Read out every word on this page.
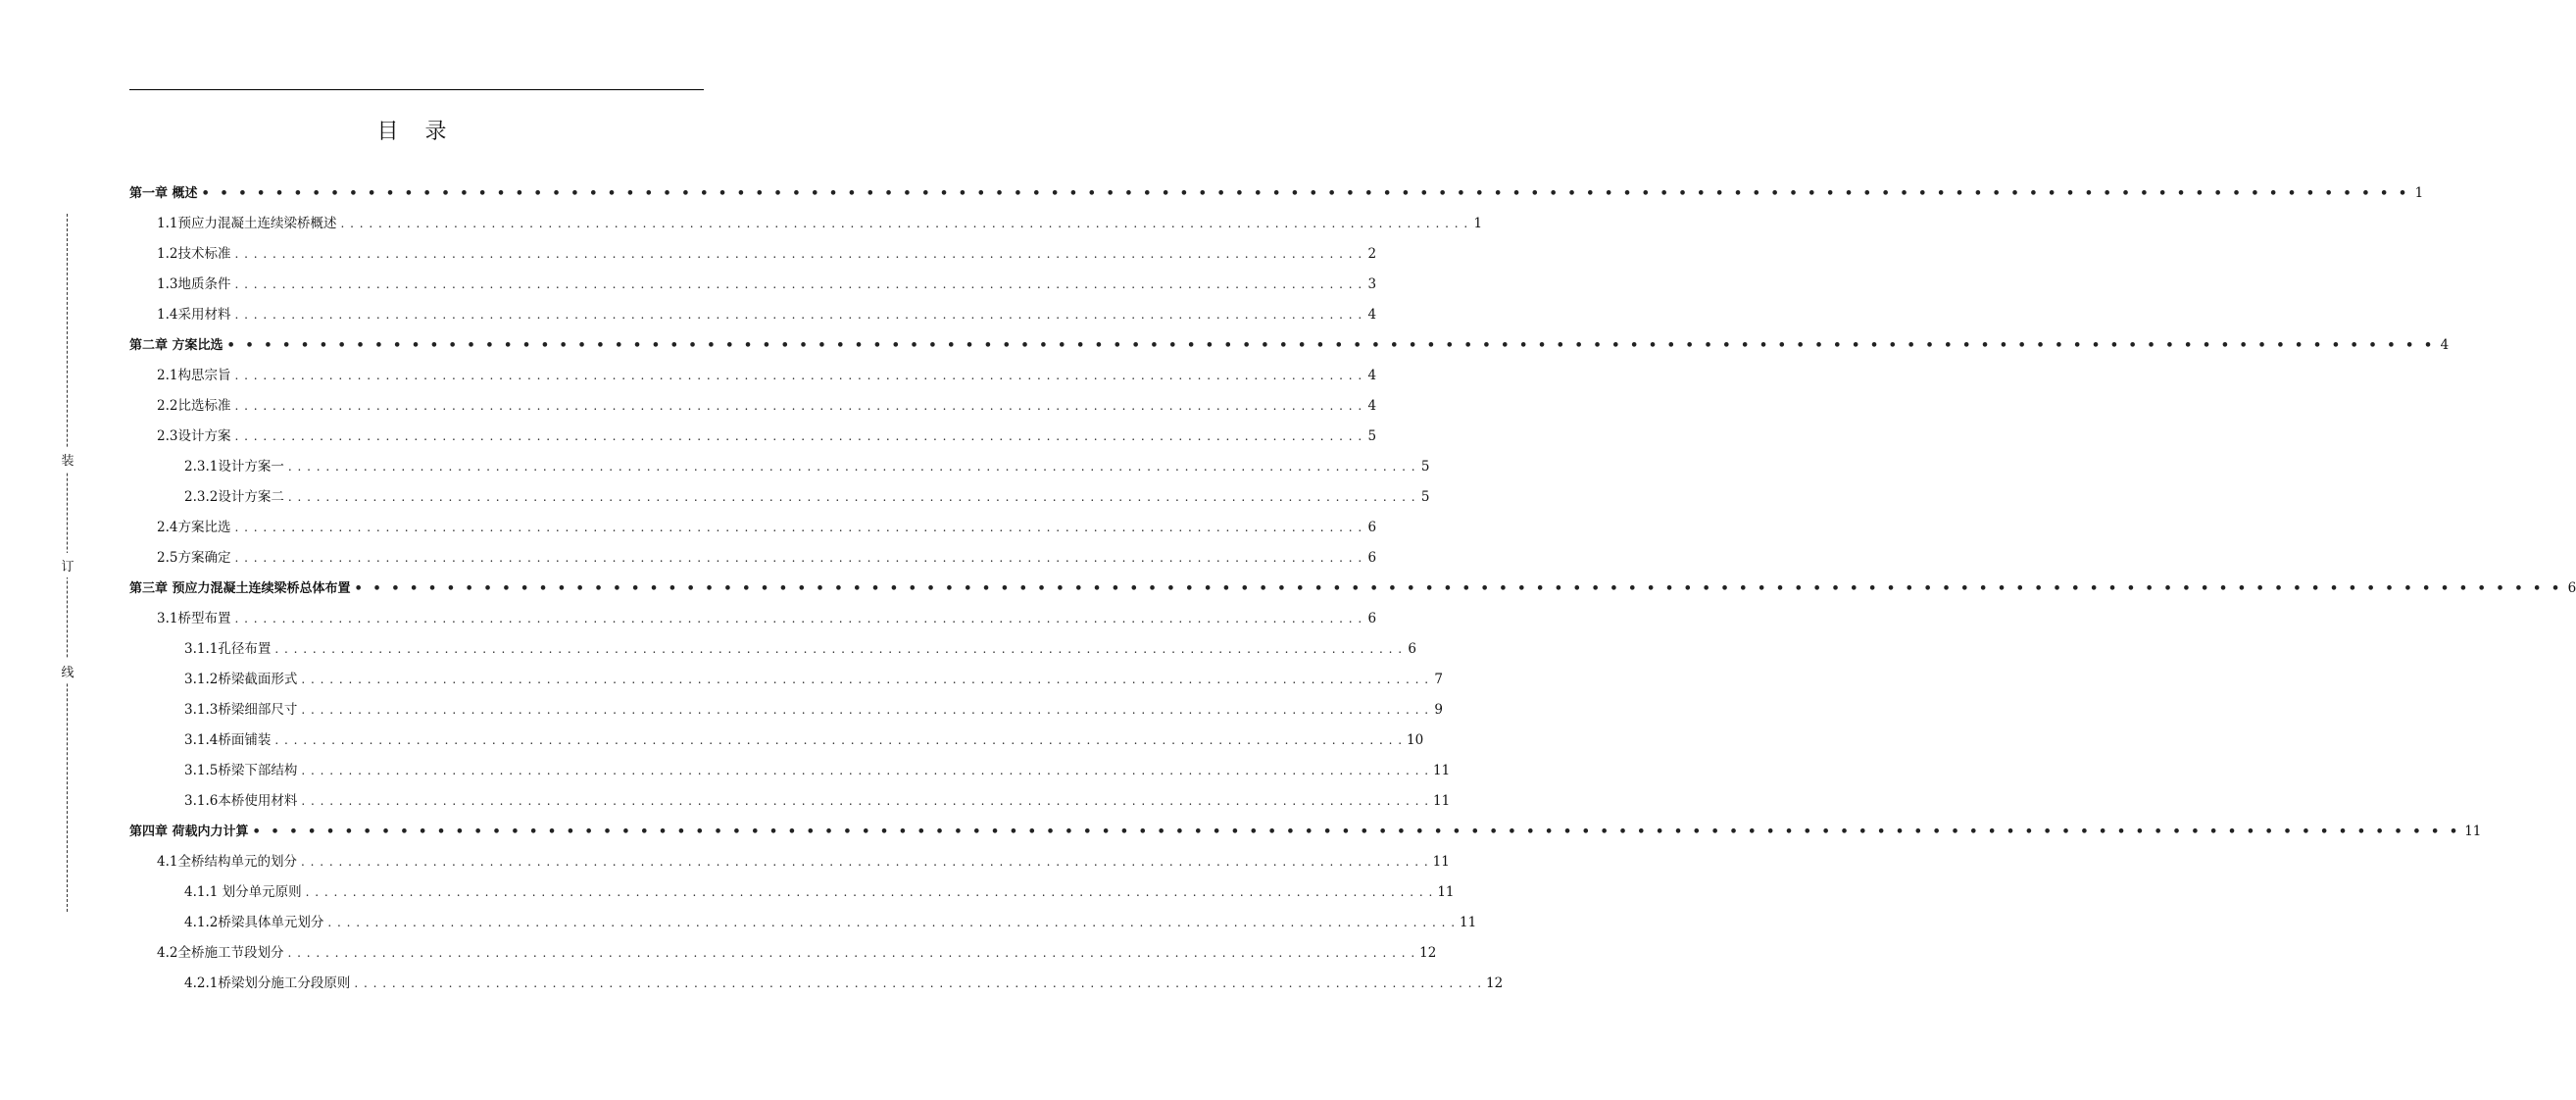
目 录
装
订
线
第一章 概述 • • • • • • • • • • • • • • • • • • • • • • • • • • • • • • • • • • • • • • • • • • • • • • • • • • • • • • • • • • • • • • • • • • • • • • • • • • • • • • • • • • • • • • • • • • • • • • • • • • • • • • • • • • • • • • • • • • • • • • • • 1
1.1预应力混凝土连续梁桥概述 . . . . . . . . . . . . . . . . . . . . . . . . . . . . . . . . . . . . . . . . . . . . . . . . . . . . . . . . . . . . . . . . . . . . . . . . . . . . . . . . . . . . . . . . . . . . . . . . . . . . . . . . . . . . . . . . . . . . . . . . 1
1.2技术标准 . . . . . . . . . . . . . . . . . . . . . . . . . . . . . . . . . . . . . . . . . . . . . . . . . . . . . . . . . . . . . . . . . . . . . . . . . . . . . . . . . . . . . . . . . . . . . . . . . . . . . . . . . . . . . . . . . . . . . . . . 2
1.3地质条件 . . . . . . . . . . . . . . . . . . . . . . . . . . . . . . . . . . . . . . . . . . . . . . . . . . . . . . . . . . . . . . . . . . . . . . . . . . . . . . . . . . . . . . . . . . . . . . . . . . . . . . . . . . . . . . . . . . . . . . . . 3
1.4采用材料 . . . . . . . . . . . . . . . . . . . . . . . . . . . . . . . . . . . . . . . . . . . . . . . . . . . . . . . . . . . . . . . . . . . . . . . . . . . . . . . . . . . . . . . . . . . . . . . . . . . . . . . . . . . . . . . . . . . . . . . . 4
第二章 方案比选 • • • • • • • • • • • • • • • • • • • • • • • • • • • • • • • • • • • • • • • • • • • • • • • • • • • • • • • • • • • • • • • • • • • • • • • • • • • • • • • • • • • • • • • • • • • • • • • • • • • • • • • • • • • • • • • • • • • • • • • • 4
2.1构思宗旨 . . . . . . . . . . . . . . . . . . . . . . . . . . . . . . . . . . . . . . . . . . . . . . . . . . . . . . . . . . . . . . . . . . . . . . . . . . . . . . . . . . . . . . . . . . . . . . . . . . . . . . . . . . . . . . . . . . . . . . . . 4
2.2比选标准 . . . . . . . . . . . . . . . . . . . . . . . . . . . . . . . . . . . . . . . . . . . . . . . . . . . . . . . . . . . . . . . . . . . . . . . . . . . . . . . . . . . . . . . . . . . . . . . . . . . . . . . . . . . . . . . . . . . . . . . . 4
2.3设计方案 . . . . . . . . . . . . . . . . . . . . . . . . . . . . . . . . . . . . . . . . . . . . . . . . . . . . . . . . . . . . . . . . . . . . . . . . . . . . . . . . . . . . . . . . . . . . . . . . . . . . . . . . . . . . . . . . . . . . . . . . 5
2.3.1设计方案一 . . . . . . . . . . . . . . . . . . . . . . . . . . . . . . . . . . . . . . . . . . . . . . . . . . . . . . . . . . . . . . . . . . . . . . . . . . . . . . . . . . . . . . . . . . . . . . . . . . . . . . . . . . . . . . . . . . . . . . . . 5
2.3.2设计方案二 . . . . . . . . . . . . . . . . . . . . . . . . . . . . . . . . . . . . . . . . . . . . . . . . . . . . . . . . . . . . . . . . . . . . . . . . . . . . . . . . . . . . . . . . . . . . . . . . . . . . . . . . . . . . . . . . . . . . . . . . 5
2.4方案比选 . . . . . . . . . . . . . . . . . . . . . . . . . . . . . . . . . . . . . . . . . . . . . . . . . . . . . . . . . . . . . . . . . . . . . . . . . . . . . . . . . . . . . . . . . . . . . . . . . . . . . . . . . . . . . . . . . . . . . . . . 6
2.5方案确定 . . . . . . . . . . . . . . . . . . . . . . . . . . . . . . . . . . . . . . . . . . . . . . . . . . . . . . . . . . . . . . . . . . . . . . . . . . . . . . . . . . . . . . . . . . . . . . . . . . . . . . . . . . . . . . . . . . . . . . . . 6
第三章 预应力混凝土连续梁桥总体布置 • • • • • • • • • • • • • • • • • • • • • • • • • • • • • • • • • • • • • • • • • • • • • • • • • • • • • • • • • • • • • • • • • • • • • • • • • • • • • • • • • • • • • • • • • • • • • • • • • • • • • • • • • • • • • • • • • • • • • • • • 6
3.1桥型布置 . . . . . . . . . . . . . . . . . . . . . . . . . . . . . . . . . . . . . . . . . . . . . . . . . . . . . . . . . . . . . . . . . . . . . . . . . . . . . . . . . . . . . . . . . . . . . . . . . . . . . . . . . . . . . . . . . . . . . . . . 6
3.1.1孔径布置 . . . . . . . . . . . . . . . . . . . . . . . . . . . . . . . . . . . . . . . . . . . . . . . . . . . . . . . . . . . . . . . . . . . . . . . . . . . . . . . . . . . . . . . . . . . . . . . . . . . . . . . . . . . . . . . . . . . . . . . . 6
3.1.2桥梁截面形式 . . . . . . . . . . . . . . . . . . . . . . . . . . . . . . . . . . . . . . . . . . . . . . . . . . . . . . . . . . . . . . . . . . . . . . . . . . . . . . . . . . . . . . . . . . . . . . . . . . . . . . . . . . . . . . . . . . . . . . . . 7
3.1.3桥梁细部尺寸 . . . . . . . . . . . . . . . . . . . . . . . . . . . . . . . . . . . . . . . . . . . . . . . . . . . . . . . . . . . . . . . . . . . . . . . . . . . . . . . . . . . . . . . . . . . . . . . . . . . . . . . . . . . . . . . . . . . . . . . . 9
3.1.4桥面铺装 . . . . . . . . . . . . . . . . . . . . . . . . . . . . . . . . . . . . . . . . . . . . . . . . . . . . . . . . . . . . . . . . . . . . . . . . . . . . . . . . . . . . . . . . . . . . . . . . . . . . . . . . . . . . . . . . . . . . . . . . 10
3.1.5桥梁下部结构 . . . . . . . . . . . . . . . . . . . . . . . . . . . . . . . . . . . . . . . . . . . . . . . . . . . . . . . . . . . . . . . . . . . . . . . . . . . . . . . . . . . . . . . . . . . . . . . . . . . . . . . . . . . . . . . . . . . . . . . . 11
3.1.6本桥使用材料 . . . . . . . . . . . . . . . . . . . . . . . . . . . . . . . . . . . . . . . . . . . . . . . . . . . . . . . . . . . . . . . . . . . . . . . . . . . . . . . . . . . . . . . . . . . . . . . . . . . . . . . . . . . . . . . . . . . . . . . . 11
第四章 荷载内力计算 • • • • • • • • • • • • • • • • • • • • • • • • • • • • • • • • • • • • • • • • • • • • • • • • • • • • • • • • • • • • • • • • • • • • • • • • • • • • • • • • • • • • • • • • • • • • • • • • • • • • • • • • • • • • • • • • • • • • • • • • 11
4.1全桥结构单元的划分 . . . . . . . . . . . . . . . . . . . . . . . . . . . . . . . . . . . . . . . . . . . . . . . . . . . . . . . . . . . . . . . . . . . . . . . . . . . . . . . . . . . . . . . . . . . . . . . . . . . . . . . . . . . . . . . . . . . . . . . . 11
4.1.1 划分单元原则 . . . . . . . . . . . . . . . . . . . . . . . . . . . . . . . . . . . . . . . . . . . . . . . . . . . . . . . . . . . . . . . . . . . . . . . . . . . . . . . . . . . . . . . . . . . . . . . . . . . . . . . . . . . . . . . . . . . . . . . . 11
4.1.2桥梁具体单元划分 . . . . . . . . . . . . . . . . . . . . . . . . . . . . . . . . . . . . . . . . . . . . . . . . . . . . . . . . . . . . . . . . . . . . . . . . . . . . . . . . . . . . . . . . . . . . . . . . . . . . . . . . . . . . . . . . . . . . . . . . 11
4.2全桥施工节段划分 . . . . . . . . . . . . . . . . . . . . . . . . . . . . . . . . . . . . . . . . . . . . . . . . . . . . . . . . . . . . . . . . . . . . . . . . . . . . . . . . . . . . . . . . . . . . . . . . . . . . . . . . . . . . . . . . . . . . . . . . 12
4.2.1桥梁划分施工分段原则 . . . . . . . . . . . . . . . . . . . . . . . . . . . . . . . . . . . . . . . . . . . . . . . . . . . . . . . . . . . . . . . . . . . . . . . . . . . . . . . . . . . . . . . . . . . . . . . . . . . . . . . . . . . . . . . . . . . . . . . . 12
